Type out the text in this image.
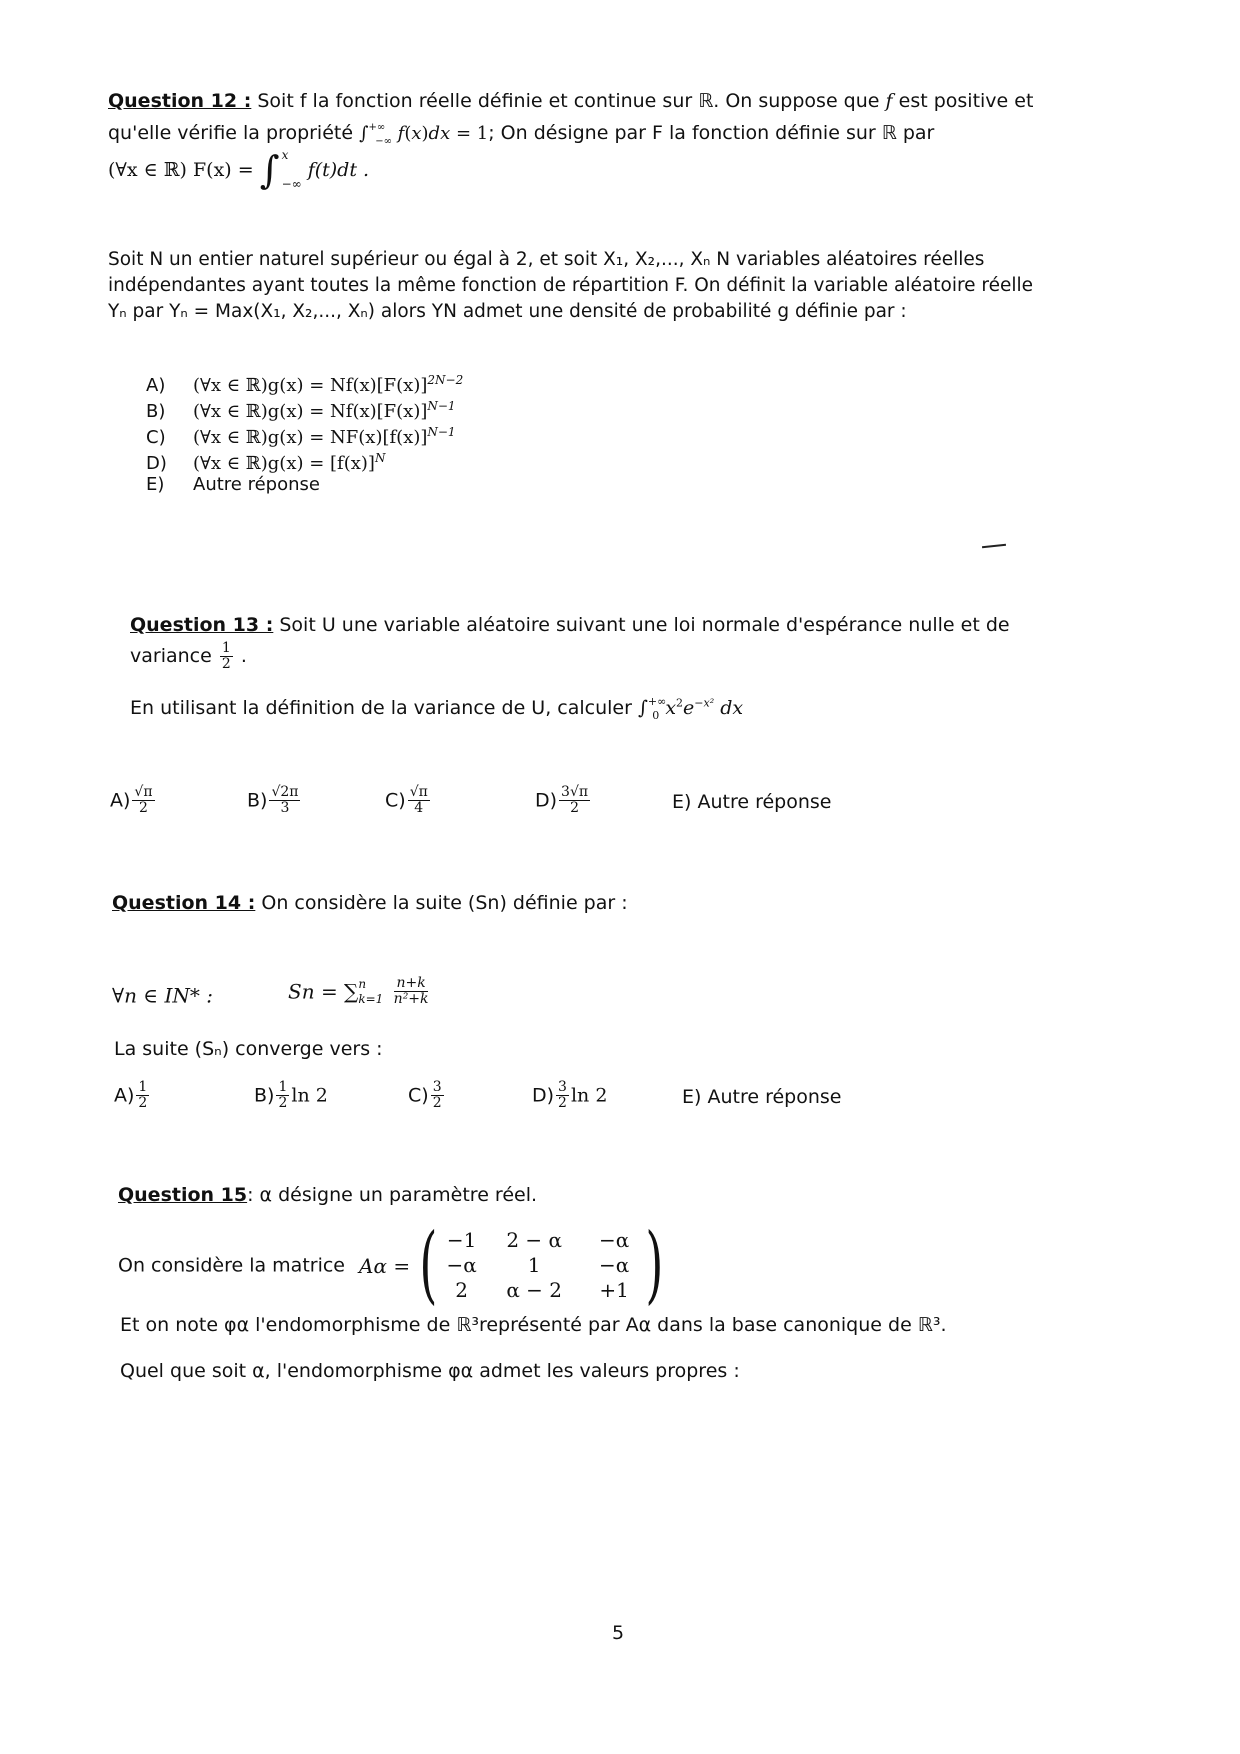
Question 12 : Soit f la fonction réelle définie et continue sur ℝ. On suppose que f est positive et
qu'elle vérifie la propriété $\int^{+\infty}_{-\infty}$ f(x)dx = 1; On désigne par F la fonction définie sur ℝ par
(∀x ∈ ℝ) F(x) = ∫ x
−∞
f(t)dt .
Soit N un entier naturel supérieur ou égal à 2, et soit X₁, X₂,..., Xₙ N variables aléatoires réelles
indépendantes ayant toutes la même fonction de répartition F. On définit la variable aléatoire réelle
Yₙ par Yₙ = Max(X₁, X₂,..., Xₙ) alors YN admet une densité de probabilité g définie par :
A) (∀x ∈ ℝ)g(x) = $Nf(x)[F(x)]^{2N-2}$
B) (∀x ∈ ℝ)g(x) = $Nf(x)[F(x)]^{N-1}$
C) (∀x ∈ ℝ)g(x) = $NF(x)[f(x)]^{N-1}$
D) (∀x ∈ ℝ)g(x) = $[f(x)]^N$
E) Autre réponse
Question 13 : Soit U une variable aléatoire suivant une loi normale d'espérance nulle et de
variance $\frac{1}{2}$ .
En utilisant la définition de la variance de U, calculer $\int^{+\infty}_0$ $x^2e^{-x^2}$ dx
$A) \frac{√\pi}{2}$	$B) \frac{√2\pi}{3}$	$C) \frac{√\pi}{4}$	$D) \frac{3√\pi}{2}$	E) Autre réponse
Question 14 : On considère la suite (Sn) définie par :
∀n ∈ IN* :	Sn = ∑ n
k=1
$\frac{n+k}{\text{n²+k}}$
La suite (Sₙ) converge vers :
$A) \frac{1}{2}$	$B) \frac{1}{2}$ ln 2	$C) \frac{3}{2}$	$D) \frac{3}{2}$ ln 2	E) Autre réponse
Question 15: α désigne un paramètre réel.
On considère la matrice Aα = ( −1	2 − α	−α
−α	1	−α
2	α − 2	+1 )
Et on note φα l'endomorphisme de ℝ³représenté par Aα dans la base canonique de ℝ³.
Quel que soit α, l'endomorphisme φα admet les valeurs propres :
5
